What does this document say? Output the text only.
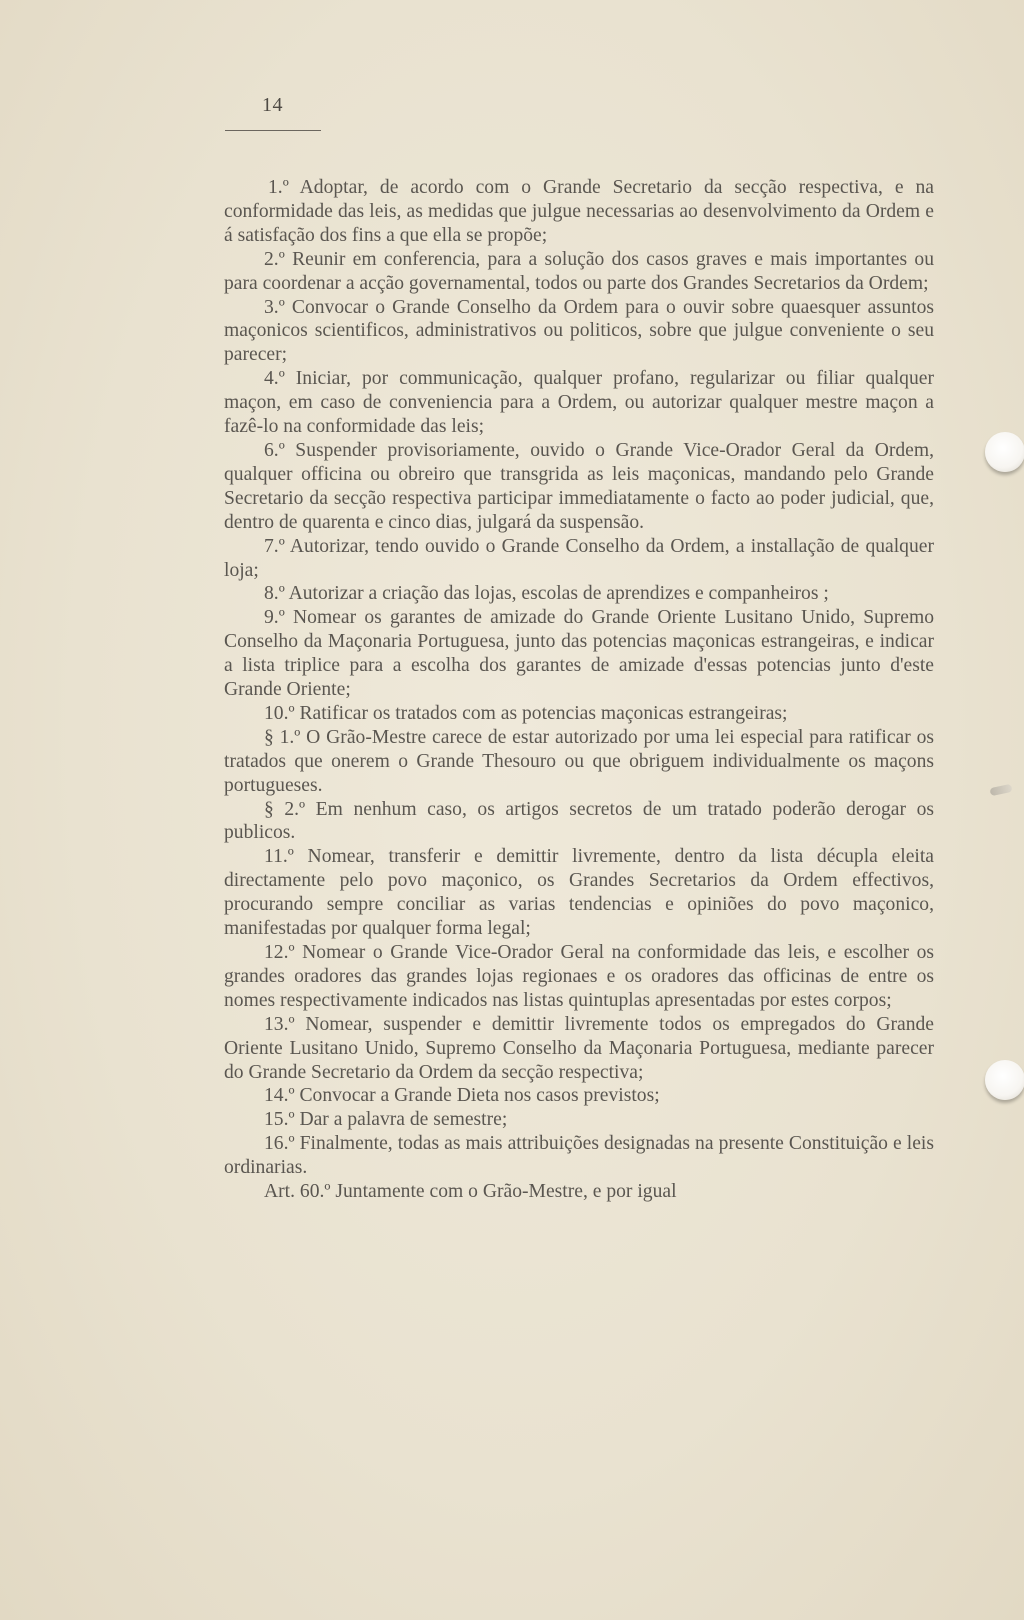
14

1.º Adoptar, de acordo com o Grande Secretario da secção respectiva, e na conformidade das leis, as medidas que julgue necessarias ao desenvolvimento da Ordem e á satisfação dos fins a que ella se propõe;

2.º Reunir em conferencia, para a solução dos casos graves e mais importantes ou para coordenar a acção governamental, todos ou parte dos Grandes Secretarios da Ordem;

3.º Convocar o Grande Conselho da Ordem para o ouvir sobre quaesquer assuntos maçonicos scientificos, administrativos ou politicos, sobre que julgue conveniente o seu parecer;

4.º Iniciar, por communicação, qualquer profano, regularizar ou filiar qualquer maçon, em caso de conveniencia para a Ordem, ou autorizar qualquer mestre maçon a fazê-lo na conformidade das leis;

6.º Suspender provisoriamente, ouvido o Grande Vice-Orador Geral da Ordem, qualquer officina ou obreiro que transgrida as leis maçonicas, mandando pelo Grande Secretario da secção respectiva participar immediatamente o facto ao poder judicial, que, dentro de quarenta e cinco dias, julgará da suspensão.

7.º Autorizar, tendo ouvido o Grande Conselho da Ordem, a installação de qualquer loja;

8.º Autorizar a criação das lojas, escolas de aprendizes e companheiros ;

9.º Nomear os garantes de amizade do Grande Oriente Lusitano Unido, Supremo Conselho da Maçonaria Portuguesa, junto das potencias maçonicas estrangeiras, e indicar a lista triplice para a escolha dos garantes de amizade d'essas potencias junto d'este Grande Oriente;

10.º Ratificar os tratados com as potencias maçonicas estrangeiras;

§ 1.º O Grão-Mestre carece de estar autorizado por uma lei especial para ratificar os tratados que onerem o Grande Thesouro ou que obriguem individualmente os maçons portugueses.

§ 2.º Em nenhum caso, os artigos secretos de um tratado poderão derogar os publicos.

11.º Nomear, transferir e demittir livremente, dentro da lista décupla eleita directamente pelo povo maçonico, os Grandes Secretarios da Ordem effectivos, procurando sempre conciliar as varias tendencias e opiniões do povo maçonico, manifestadas por qualquer forma legal;

12.º Nomear o Grande Vice-Orador Geral na conformidade das leis, e escolher os grandes oradores das grandes lojas regionaes e os oradores das officinas de entre os nomes respectivamente indicados nas listas quintuplas apresentadas por estes corpos;

13.º Nomear, suspender e demittir livremente todos os empregados do Grande Oriente Lusitano Unido, Supremo Conselho da Maçonaria Portuguesa, mediante parecer do Grande Secretario da Ordem da secção respectiva;

14.º Convocar a Grande Dieta nos casos previstos;

15.º Dar a palavra de semestre;

16.º Finalmente, todas as mais attribuições designadas na presente Constituição e leis ordinarias.

Art. 60.º Juntamente com o Grão-Mestre, e por igual
